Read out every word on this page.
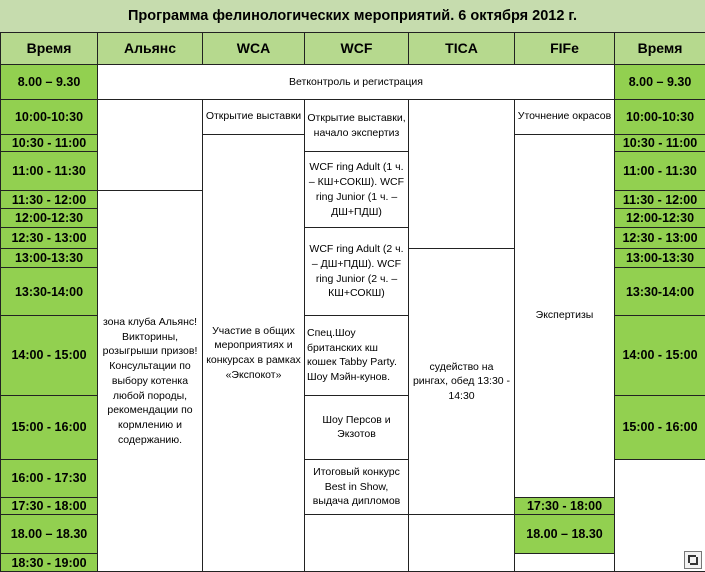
Программа фелинологических мероприятий. 6 октября 2012 г.
Время	Альянс	WCA	WCF	TICA	FIFe	Время	
8.00 – 9.30	Ветконтроль и регистрация					8.00 – 9.30	
10:00-10:30		Открытие выставки	Открытие выставки, начало экспертиз		Уточнение окрасов	10:00-10:30	
10:30 - 11:00		Участие в общих мероприятиях и конкурсах в рамках «Экспокот»			Экспертизы	10:30 - 11:00	
11:00 - 11:30			WCF ring Adult (1 ч. – КШ+СОКШ). WCF ring Junior (1 ч. – ДШ+ПДШ)			11:00 - 11:30	
11:30 - 12:00	зона клуба Альянс! Викторины, розыгрыши призов! Консультации по выбору котенка любой породы, рекомендации по кормлению и содержанию.					11:30 - 12:00	
12:00-12:30						12:00-12:30	
12:30 - 13:00			WCF ring Adult (2 ч. – ДШ+ПДШ). WCF ring Junior (2 ч. – КШ+СОКШ)			12:30 - 13:00	
13:00-13:30				судейство на рингах, обед 13:30 - 14:30		13:00-13:30	
13:30-14:00						13:30-14:00	
14:00 - 15:00			Спец.Шоу британских кш кошек Tabby Party. Шоу Мэйн-кунов.			14:00 - 15:00	
15:00 - 16:00			Шоу Персов и Экзотов			15:00 - 16:00	
16:00 - 17:30			Итоговый конкурс Best in Show, выдача дипломов			
17:30 - 18:00					17:30 - 18:00		
18.00 – 18.30					18.00 – 18.30		
18:30 - 19:00		
